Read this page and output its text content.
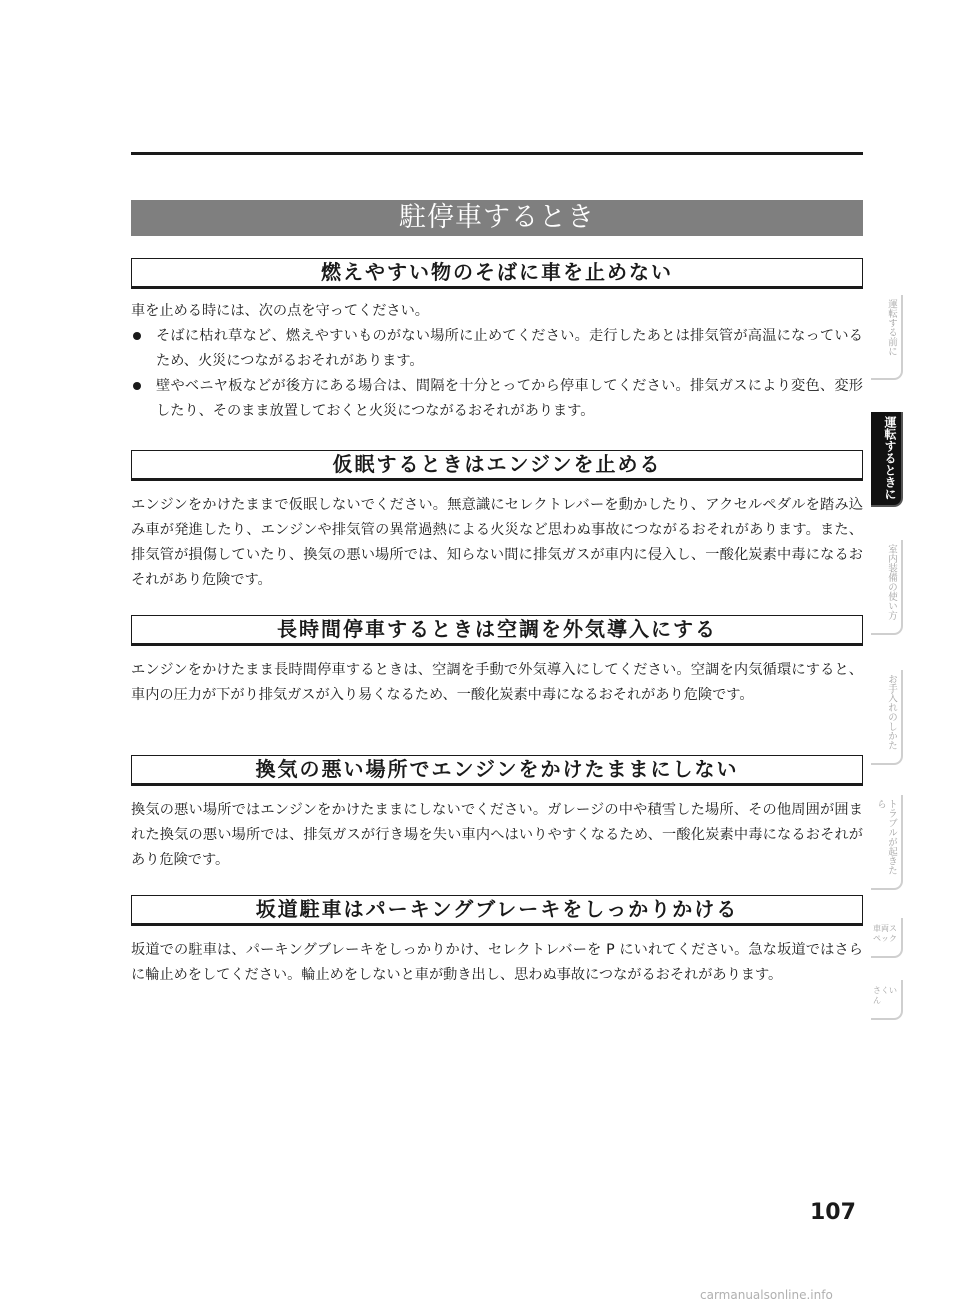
駐停車するとき
燃えやすい物のそばに車を止めない

車を止める時には、次の点を守ってください。

そばに枯れ草など、燃えやすいものがない場所に止めてください。走行したあとは排気管が高温になっているため、火災につながるおそれがあります。
壁やベニヤ板などが後方にある場合は、間隔を十分とってから停車してください。排気ガスにより変色、変形したり、そのまま放置しておくと火災につながるおそれがあります。
仮眠するときはエンジンを止める

エンジンをかけたままで仮眠しないでください。無意識にセレクトレバーを動かしたり、アクセルペダルを踏み込み車が発進したり、エンジンや排気管の異常過熱による火災など思わぬ事故につながるおそれがあります。また、排気管が損傷していたり、換気の悪い場所では、知らない間に排気ガスが車内に侵入し、一酸化炭素中毒になるおそれがあり危険です。

長時間停車するときは空調を外気導入にする

エンジンをかけたまま長時間停車するときは、空調を手動で外気導入にしてください。空調を内気循環にすると、車内の圧力が下がり排気ガスが入り易くなるため、一酸化炭素中毒になるおそれがあり危険です。

換気の悪い場所でエンジンをかけたままにしない

換気の悪い場所ではエンジンをかけたままにしないでください。ガレージの中や積雪した場所、その他周囲が囲まれた換気の悪い場所では、排気ガスが行き場を失い車内へはいりやすくなるため、一酸化炭素中毒になるおそれがあり危険です。

坂道駐車はパーキングブレーキをしっかりかける

坂道での駐車は、パーキングブレーキをしっかりかけ、セレクトレバーを P にいれてください。急な坂道ではさらに輪止めをしてください。輪止めをしないと車が動き出し、思わぬ事故につながるおそれがあります。

運転する前に
運転するときに
室内装備の使い方
お手入れのしかた
トラブルが起きたら
車両スペック
さくいん
107
carmanualsonline.info
